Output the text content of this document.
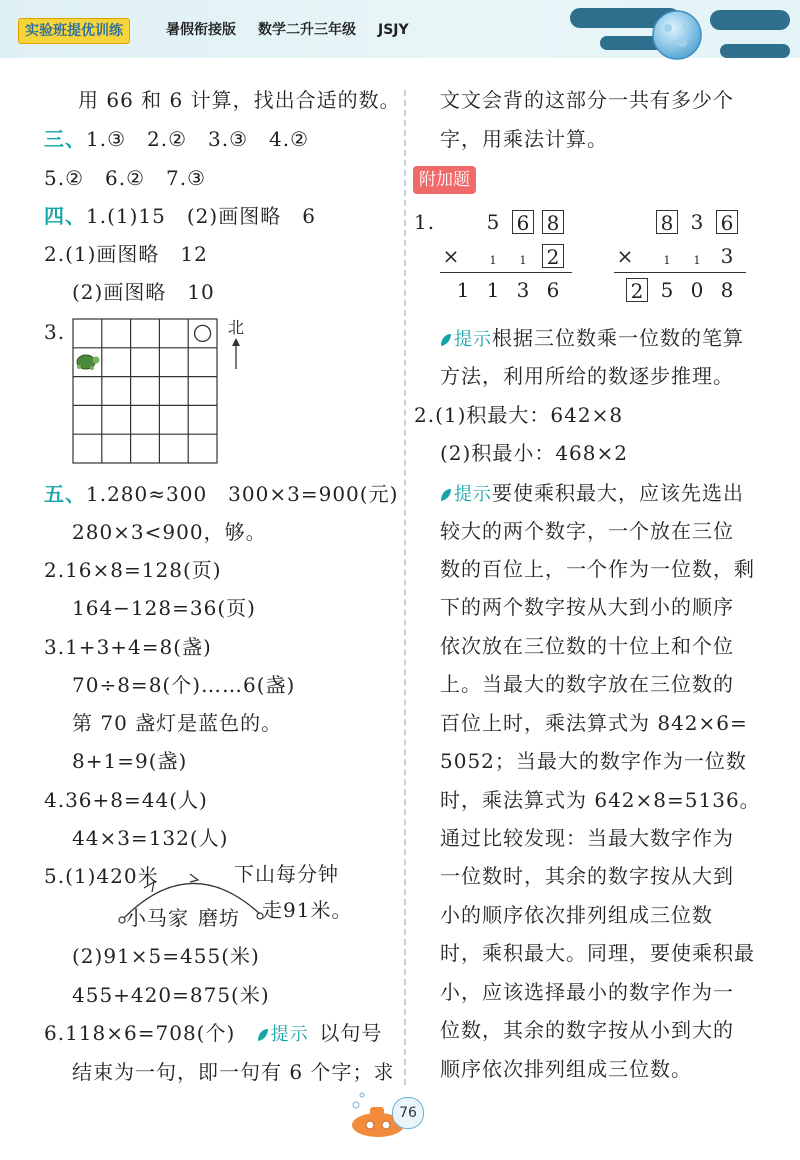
实验班提优训练	暑假衔接版 数学二升三年级 JSJY
用 66 和 6 计算，找出合适的数。
三、1.③　2.②　3.③　4.②
5.②　6.②　7.③
四、1.(1)15　(2)画图略　6
2.(1)画图略　12
(2)画图略　10
3.	北
五、1.280≈300　300×3=900(元)
280×3<900，够。
2.16×8=128(页)
164−128=36(页)
3.1+3+4=8(盏)
70÷8=8(个)……6(盏)
第 70 盏灯是蓝色的。
8+1=9(盏)
4.36+8=44(人)
44×3=132(人)
5.(1)420米	下山每分钟
走91米。
小马家 磨坊
(2)91×5=455(米)
455+420=875(米)
6.118×6=708(个) 提示 以句号
结束为一句，即一句有 6 个字；求
文文会背的这部分一共有多少个
字，用乘法计算。
附加题
1.	5 6 8
×	1 1 2
1 1 3 6
8 3 6
×	1 1 3
2 5 0 8
提示根据三位数乘一位数的笔算
方法，利用所给的数逐步推理。
2.(1)积最大：642×8
(2)积最小：468×2
提示要使乘积最大，应该先选出
较大的两个数字，一个放在三位
数的百位上，一个作为一位数，剩
下的两个数字按从大到小的顺序
依次放在三位数的十位上和个位
上。当最大的数字放在三位数的
百位上时，乘法算式为 842×6=
5052；当最大的数字作为一位数
时，乘法算式为 642×8=5136。
通过比较发现：当最大数字作为
一位数时，其余的数字按从大到
小的顺序依次排列组成三位数
时，乘积最大。同理，要使乘积最
小，应该选择最小的数字作为一
位数，其余的数字按从小到大的
顺序依次排列组成三位数。
76
